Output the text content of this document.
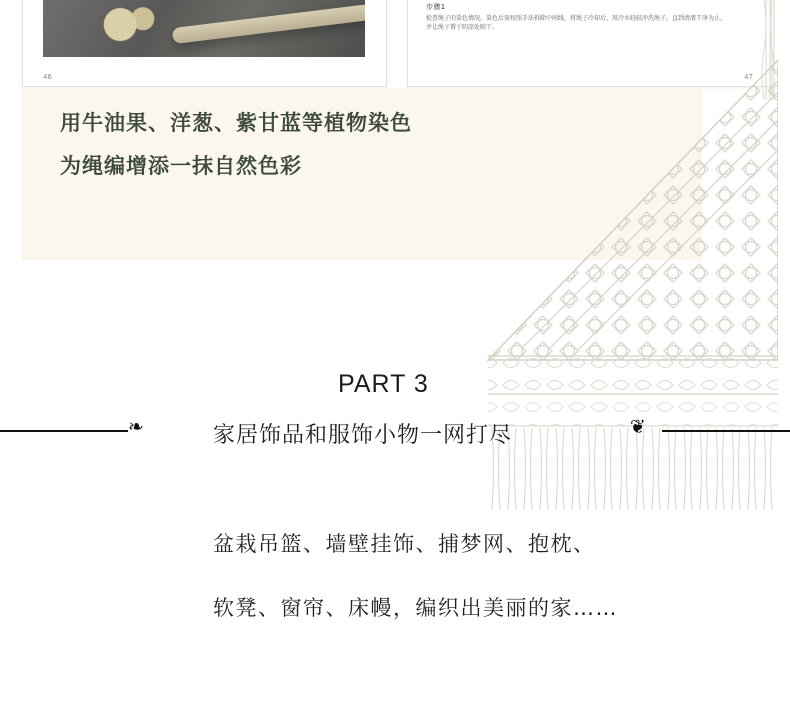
46
步骤1
检查绳子的染色情况，染色后需按照手法拆除中间线，将绳子冷却后，用冷水轻轻冲洗绳子，直到清液干净为止。并让绳子置于阴凉处晾干。
47
用牛油果、洋葱、紫甘蓝等植物染色
为绳编增添一抹自然色彩
❧
PART 3
家居饰品和服饰小物一网打尽	❦
盆栽吊篮、墙壁挂饰、捕梦网、抱枕、
软凳、窗帘、床幔，编织出美丽的家……
